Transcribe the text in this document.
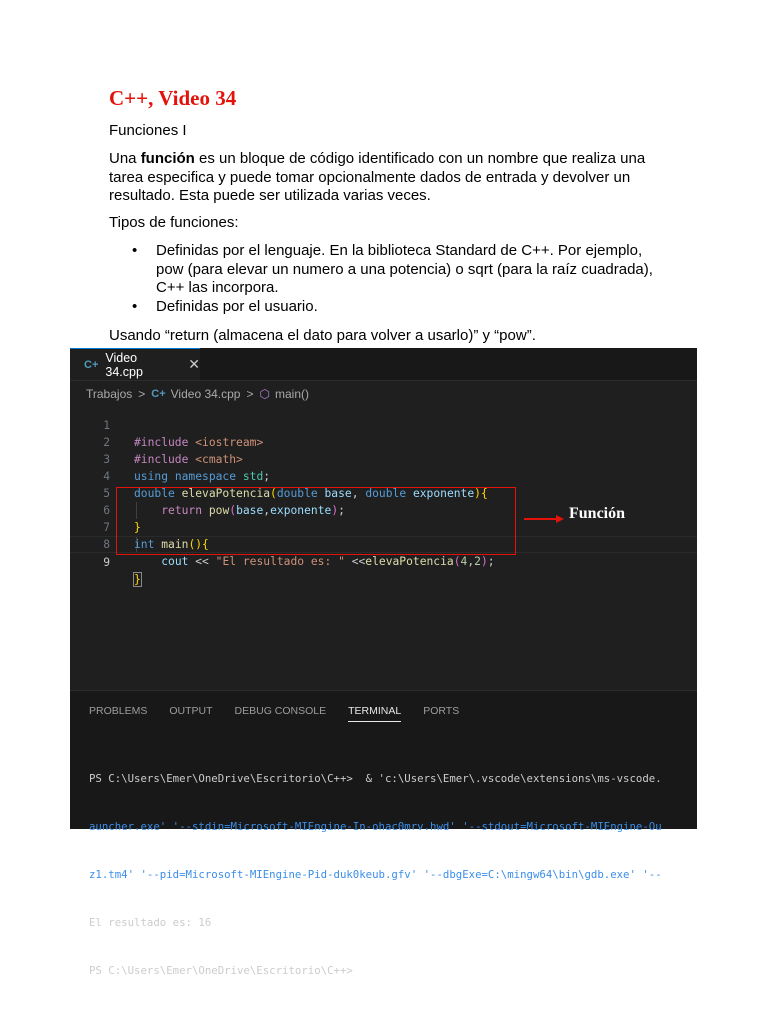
C++, Video 34
Funciones I
Una función es un bloque de código identificado con un nombre que realiza una tarea especifica y puede tomar opcionalmente dados de entrada y devolver un resultado. Esta puede ser utilizada varias veces.
Tipos de funciones:
• Definidas por el lenguaje. En la biblioteca Standard de C++. Por ejemplo, pow (para elevar un numero a una potencia) o sqrt (para la raíz cuadrada), C++ las incorpora.
• Definidas por el usuario.
Usando “return (almacena el dato para volver a usarlo)” y “pow”.
C+ Video 34.cpp	✕
Trabajos > C+ Video 34.cpp > ⬡ main()

1

#include <iostream>

2

#include <cmath>

3

using namespace std;

4

double elevaPotencia(double base, double exponente){

5

return pow(base,exponente);

6

}

7

int main(){

8

cout << "El resultado es: " <<elevaPotencia(4,2);

9

}

Función
PROBLEMS OUTPUT DEBUG CONSOLE TERMINAL PORTS

PS C:\Users\Emer\OneDrive\Escritorio\C++>  & 'c:\Users\Emer\.vscode\extensions\ms-vscode.

auncher.exe' '--stdin=Microsoft-MIEngine-In-ohac0mrv.hwd' '--stdout=Microsoft-MIEngine-Ou

z1.tm4' '--pid=Microsoft-MIEngine-Pid-duk0keub.gfv' '--dbgExe=C:\mingw64\bin\gdb.exe' '--

El resultado es: 16

PS C:\Users\Emer\OneDrive\Escritorio\C++>
